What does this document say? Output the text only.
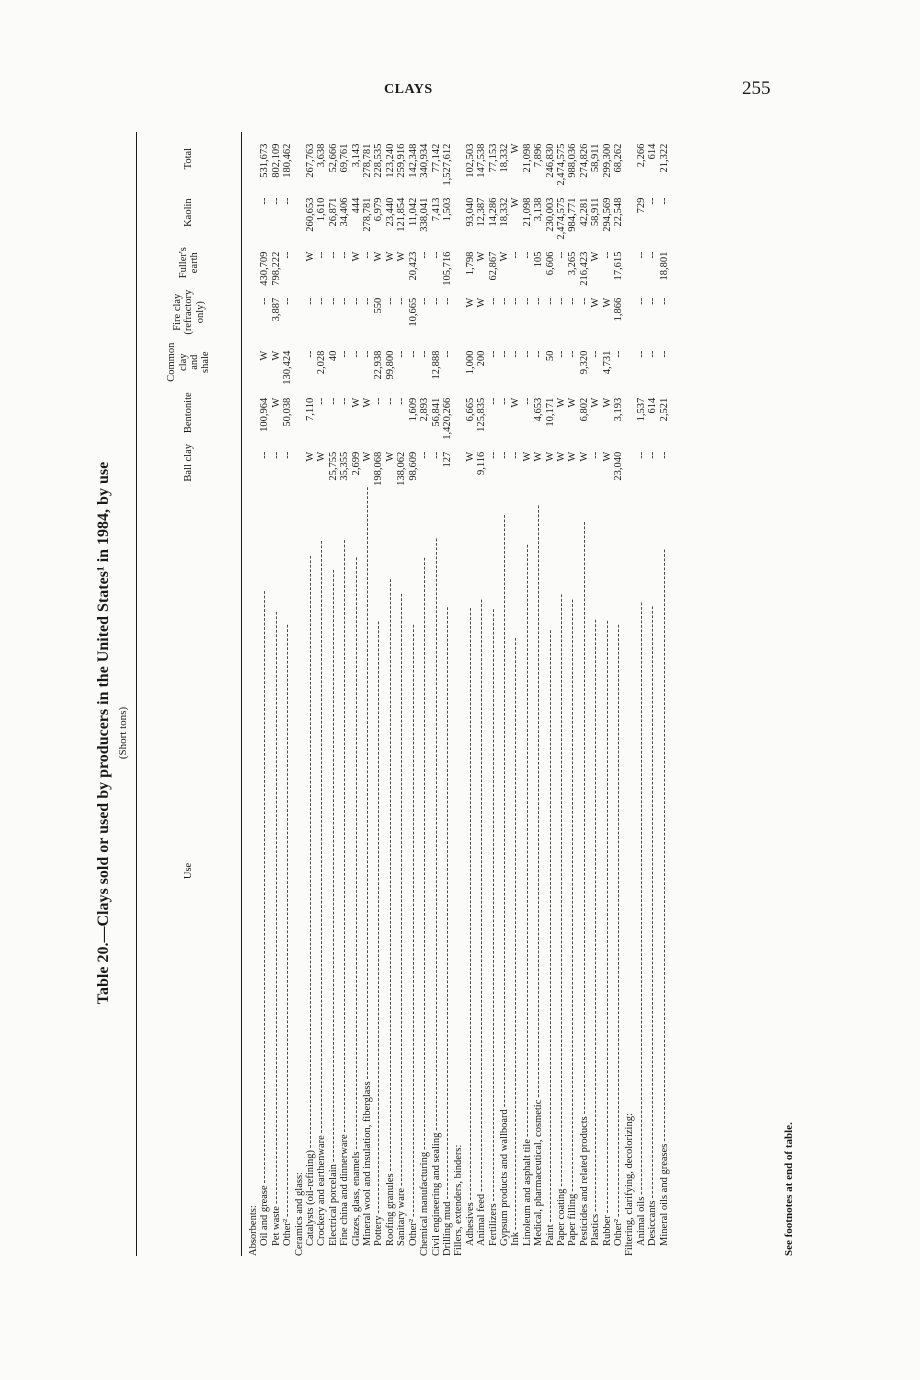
CLAYS	255
Table 20.—Clays sold or used by producers in the United States¹ in 1984, by use (Short tons)
Use	Ball clay	Bentonite	Common
clay
and shale	Fire clay
(refractory
only)	Fuller's
earth	Kaolin	Total

Absorbents:							

Oil and grease
-----	--	100,964	W	--	430,709	--	531,673

Pet waste
-----	--	W	W	3,887	798,222	--	802,109

Other²
-----	--	50,038	130,424	--	--	--	180,462

Ceramics and glass:							

Catalysts (oil-refining)
-----	W	7,110	--	--	W	260,653	267,763

Crockery and earthenware
-----	W	--	2,028	--	--	1,610	3,638

Electrical porcelain
-----	25,755	--	40	--	--	26,871	52,666

Fine china and dinnerware
-----	35,355	--	--	--	--	34,406	69,761

Glazes, glass, enamels
-----	2,699	W	--	--	W	444	3,143

Mineral wool and insulation, fiberglass
-----	W	W	--	--	--	278,781	278,781

Pottery
-----	198,068	--	22,938	550	W	6,979	228,535

Roofing granules
-----	W	--	99,800	--	W	23,440	123,240

Sanitary ware
-----	138,062	--	--	--	W	121,854	259,916

Other²
-----	98,609	1,609	--	10,665	20,423	11,042	142,348

Chemical manufacturing
-----	--	2,893	--	--	--	338,041	340,934

Civil engineering and sealing
-----	--	56,841	12,888	--	--	7,413	77,142

Drilling mud
-----	127	1,420,266	--	--	105,716	1,503	1,527,612

Fillers, extenders, binders:							

Adhesives
-----	W	6,665	1,000	W	1,798	93,040	102,503

Animal feed
-----	9,116	125,835	200	W	W	12,387	147,538

Fertilizers
-----	--	--	--	--	62,867	14,286	77,153

Gypsum products and wallboard
-----	--	--	--	--	W	18,332	18,332

Ink
-----	--	W	--	--	--	W	W

Linoleum and asphalt tile
-----	W	--	--	--	--	21,098	21,098

Medical, pharmaceutical, cosmetic
-----	W	4,653	--	--	105	3,138	7,896

Paint
-----	W	10,171	50	--	6,606	230,003	246,830

Paper coating
-----	W	W	--	--	--	2,474,575	2,474,575

Paper filling
-----	W	W	--	--	3,265	984,771	988,036

Pesticides and related products
-----	W	6,802	9,320	--	216,423	42,281	274,826

Plastics
-----	--	W	--	W	W	58,911	58,911

Rubber
-----	W	W	4,731	W	--	294,569	299,300

Other²
-----	23,040	3,193	--	1,866	17,615	22,548	68,262

Filtering, clarifying, decolorizing:							

Animal oils
-----	--	1,537	--	--	--	729	2,266

Desiccants
-----	--	614	--	--	--	--	614

Mineral oils and greases
-----	--	2,521	--	--	18,801	--	21,322
See footnotes at end of table.
